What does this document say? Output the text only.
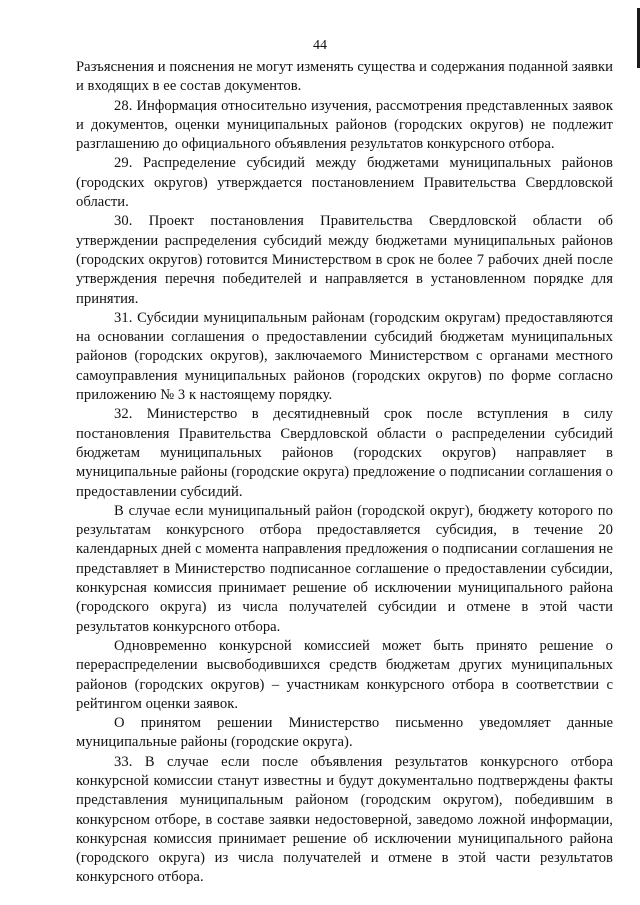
44

Разъяснения и пояснения не могут изменять существа и содержания поданной заявки и входящих в ее состав документов.

28. Информация относительно изучения, рассмотрения представленных заявок и документов, оценки муниципальных районов (городских округов) не подлежит разглашению до официального объявления результатов конкурсного отбора.

29. Распределение субсидий между бюджетами муниципальных районов (городских округов) утверждается постановлением Правительства Свердловской области.

30. Проект постановления Правительства Свердловской области об утверждении распределения субсидий между бюджетами муниципальных районов (городских округов) готовится Министерством в срок не более 7 рабочих дней после утверждения перечня победителей и направляется в установленном порядке для принятия.

31. Субсидии муниципальным районам (городским округам) предоставляются на основании соглашения о предоставлении субсидий бюджетам муниципальных районов (городских округов), заключаемого Министерством с органами местного самоуправления муниципальных районов (городских округов) по форме согласно приложению № 3 к настоящему порядку.

32. Министерство в десятидневный срок после вступления в силу постановления Правительства Свердловской области о распределении субсидий бюджетам муниципальных районов (городских округов) направляет в муниципальные районы (городские округа) предложение о подписании соглашения о предоставлении субсидий.

В случае если муниципальный район (городской округ), бюджету которого по результатам конкурсного отбора предоставляется субсидия, в течение 20 календарных дней с момента направления предложения о подписании соглашения не представляет в Министерство подписанное соглашение о предоставлении субсидии, конкурсная комиссия принимает решение об исключении муниципального района (городского округа) из числа получателей субсидии и отмене в этой части результатов конкурсного отбора.

Одновременно конкурсной комиссией может быть принято решение о перераспределении высвободившихся средств бюджетам других муниципальных районов (городских округов) – участникам конкурсного отбора в соответствии с рейтингом оценки заявок.

О принятом решении Министерство письменно уведомляет данные муниципальные районы (городские округа).

33. В случае если после объявления результатов конкурсного отбора конкурсной комиссии станут известны и будут документально подтверждены факты представления муниципальным районом (городским округом), победившим в конкурсном отборе, в составе заявки недостоверной, заведомо ложной информации, конкурсная комиссия принимает решение об исключении муниципального района (городского округа) из числа получателей и отмене в этой части результатов конкурсного отбора.
